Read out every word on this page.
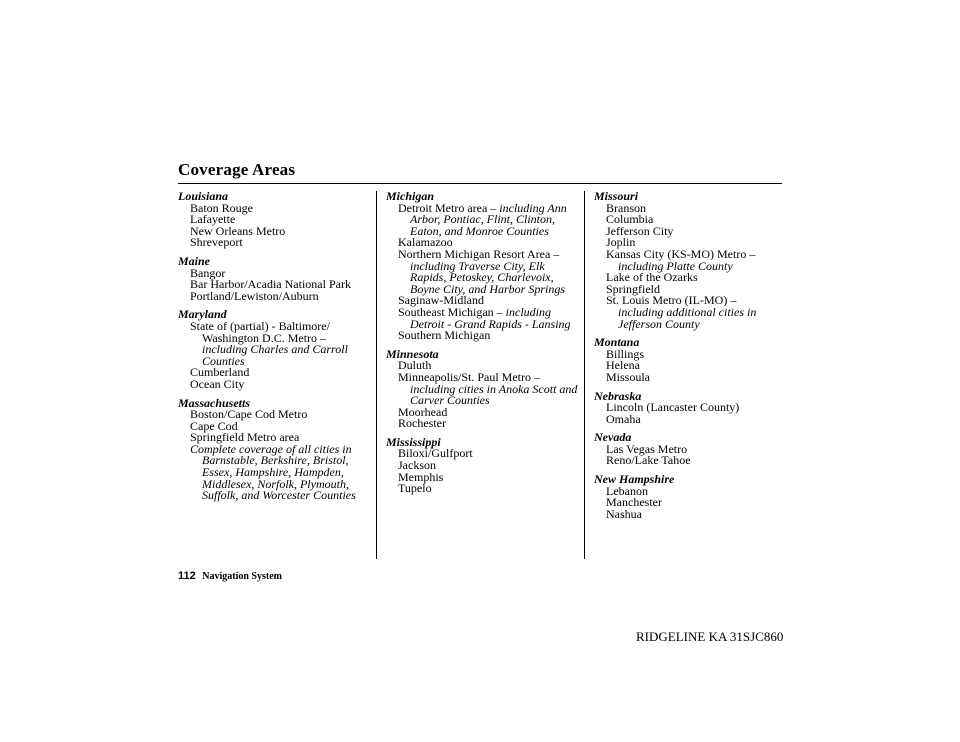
Coverage Areas
Louisiana
Baton Rouge
Lafayette
New Orleans Metro
Shreveport
Maine
Bangor
Bar Harbor/Acadia National Park
Portland/Lewiston/Auburn
Maryland
State of (partial) - Baltimore/ Washington D.C. Metro – including Charles and Carroll Counties
Cumberland
Ocean City
Massachusetts
Boston/Cape Cod Metro
Cape Cod
Springfield Metro area
Complete coverage of all cities in Barnstable, Berkshire, Bristol, Essex, Hampshire, Hampden, Middlesex, Norfolk, Plymouth, Suffolk, and Worcester Counties
Michigan
Detroit Metro area – including Ann Arbor, Pontiac, Flint, Clinton, Eaton, and Monroe Counties
Kalamazoo
Northern Michigan Resort Area – including Traverse City, Elk Rapids, Petoskey, Charlevoix, Boyne City, and Harbor Springs
Saginaw-Midland
Southeast Michigan – including Detroit - Grand Rapids - Lansing
Southern Michigan
Minnesota
Duluth
Minneapolis/St. Paul Metro – including cities in Anoka Scott and Carver Counties
Moorhead
Rochester
Mississippi
Biloxi/Gulfport
Jackson
Memphis
Tupelo
Missouri
Branson
Columbia
Jefferson City
Joplin
Kansas City (KS-MO) Metro – including Platte County
Lake of the Ozarks
Springfield
St. Louis Metro (IL-MO) – including additional cities in Jefferson County
Montana
Billings
Helena
Missoula
Nebraska
Lincoln (Lancaster County)
Omaha
Nevada
Las Vegas Metro
Reno/Lake Tahoe
New Hampshire
Lebanon
Manchester
Nashua
112 Navigation System
RIDGELINE KA 31SJC860
